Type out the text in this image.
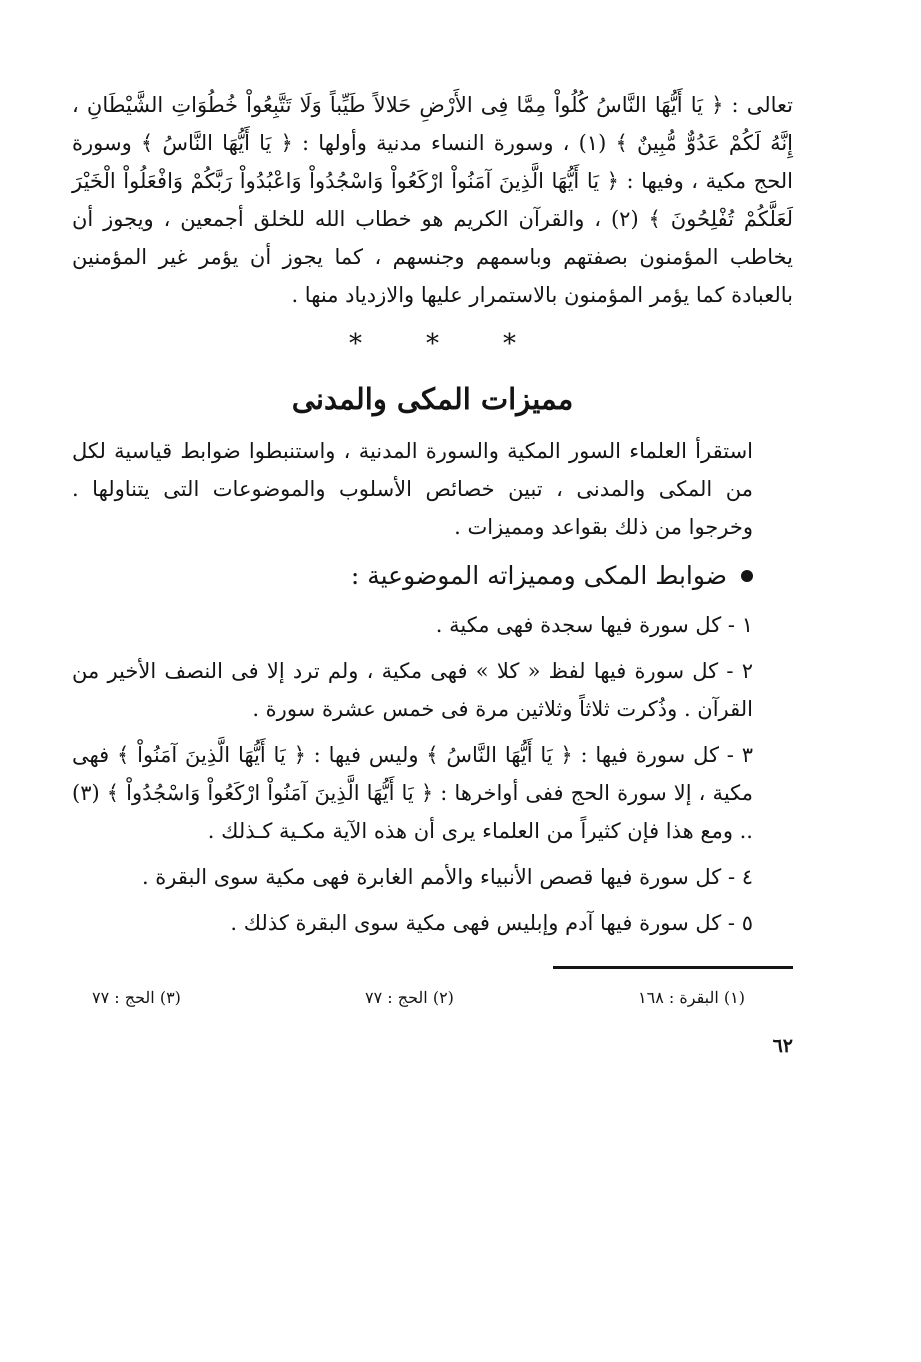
تعالى : ﴿ يَا أَيُّهَا النَّاسُ كُلُواْ مِمَّا فِى الأَرْضِ حَلالاً طَيِّباً وَلَا تَتَّبِعُواْ خُطُوَاتِ الشَّيْطَانِ ، إِنَّهُ لَكُمْ عَدُوٌّ مُّبِينٌ ﴾ (١) ، وسورة النساء مدنية وأولها : ﴿ يَا أَيُّهَا النَّاسُ ﴾ وسورة الحج مكية ، وفيها : ﴿ يَا أَيُّهَا الَّذِينَ آمَنُواْ ارْكَعُواْ وَاسْجُدُواْ وَاعْبُدُواْ رَبَّكُمْ وَافْعَلُواْ الْخَيْرَ لَعَلَّكُمْ تُفْلِحُونَ ﴾ (٢) ، والقرآن الكريم هو خطاب الله للخلق أجمعين ، ويجوز أن يخاطب المؤمنون بصفتهم وباسمهم وجنسهم ، كما يجوز أن يؤمر غير المؤمنين بالعبادة كما يؤمر المؤمنون بالاستمرار عليها والازدياد منها .

* * *
مميزات المكى والمدنى

استقرأ العلماء السور المكية والسورة المدنية ، واستنبطوا ضوابط قياسية لكل من المكى والمدنى ، تبين خصائص الأسلوب والموضوعات التى يتناولها . وخرجوا من ذلك بقواعد ومميزات .

ضوابط المكى ومميزاته الموضوعية :

١ - كل سورة فيها سجدة فهى مكية .

٢ - كل سورة فيها لفظ « كلا » فهى مكية ، ولم ترد إلا فى النصف الأخير من القرآن . وذُكرت ثلاثاً وثلاثين مرة فى خمس عشرة سورة .

٣ - كل سورة فيها : ﴿ يَا أَيُّهَا النَّاسُ ﴾ وليس فيها : ﴿ يَا أَيُّهَا الَّذِينَ آمَنُواْ ﴾ فهى مكية ، إلا سورة الحج ففى أواخرها : ﴿ يَا أَيُّهَا الَّذِينَ آمَنُواْ ارْكَعُواْ وَاسْجُدُواْ ﴾ (٣) .. ومع هذا فإن كثيراً من العلماء يرى أن هذه الآية مكـية كـذلك .

٤ - كل سورة فيها قصص الأنبياء والأمم الغابرة فهى مكية سوى البقرة .

٥ - كل سورة فيها آدم وإبليس فهى مكية سوى البقرة كذلك .

(١) البقرة : ١٦٨
(٢) الحج : ٧٧
(٣) الحج : ٧٧
٦٢
